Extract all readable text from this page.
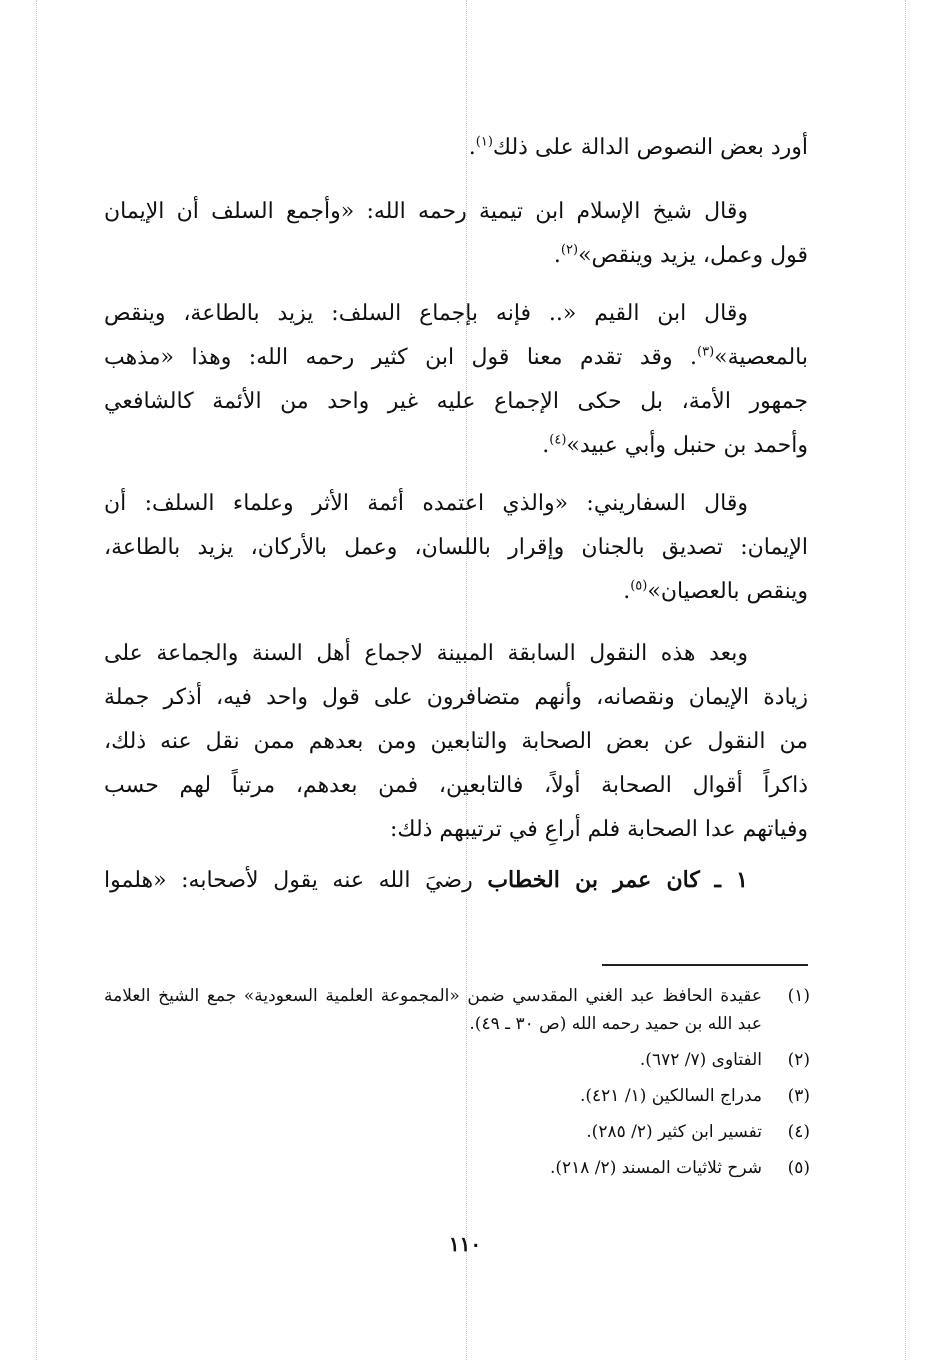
أورد بعض النصوص الدالة على ذلك$^{(١)}$.

وقال شيخ الإسلام ابن تيمية رحمه الله: «وأجمع السلف أن الإيمان

قول وعمل، يزيد وينقص»$^{(٢)}$.

وقال ابن القيم «.. فإنه بإجماع السلف: يزيد بالطاعة، وينقص

بالمعصية»$^{(٣)}$. وقد تقدم معنا قول ابن كثير رحمه الله: وهذا «مذهب

جمهور الأمة، بل حكى الإجماع عليه غير واحد من الأئمة كالشافعي

وأحمد بن حنبل وأبي عبيد»$^{(٤)}$.

وقال السفاريني: «والذي اعتمده أئمة الأثر وعلماء السلف: أن

الإيمان: تصديق بالجنان وإقرار باللسان، وعمل بالأركان، يزيد بالطاعة،

وينقص بالعصيان»$^{(٥)}$.

وبعد هذه النقول السابقة المبينة لاجماع أهل السنة والجماعة على

زيادة الإيمان ونقصانه، وأنهم متضافرون على قول واحد فيه، أذكر جملة

من النقول عن بعض الصحابة والتابعين ومن بعدهم ممن نقل عنه ذلك،

ذاكراً أقوال الصحابة أولاً، فالتابعين، فمن بعدهم، مرتباً لهم حسب

وفياتهم عدا الصحابة فلم أراعِ في ترتيبهم ذلك:

١ ـ كان عمر بن الخطاب رضيَ الله عنه يقول لأصحابه: «هلموا

(١)
عقيدة الحافظ عبد الغني المقدسي ضمن «المجموعة العلمية السعودية» جمع الشيخ العلامة عبد الله بن حميد رحمه الله (ص ٣٠ ـ ٤٩).
(٢)
الفتاوى (٧/ ٦٧٢).
(٣)
مدراج السالكين (١/ ٤٢١).
(٤)
تفسير ابن كثير (٢/ ٢٨٥).
(٥)
شرح ثلاثيات المسند (٢/ ٢١٨).
١١٠
